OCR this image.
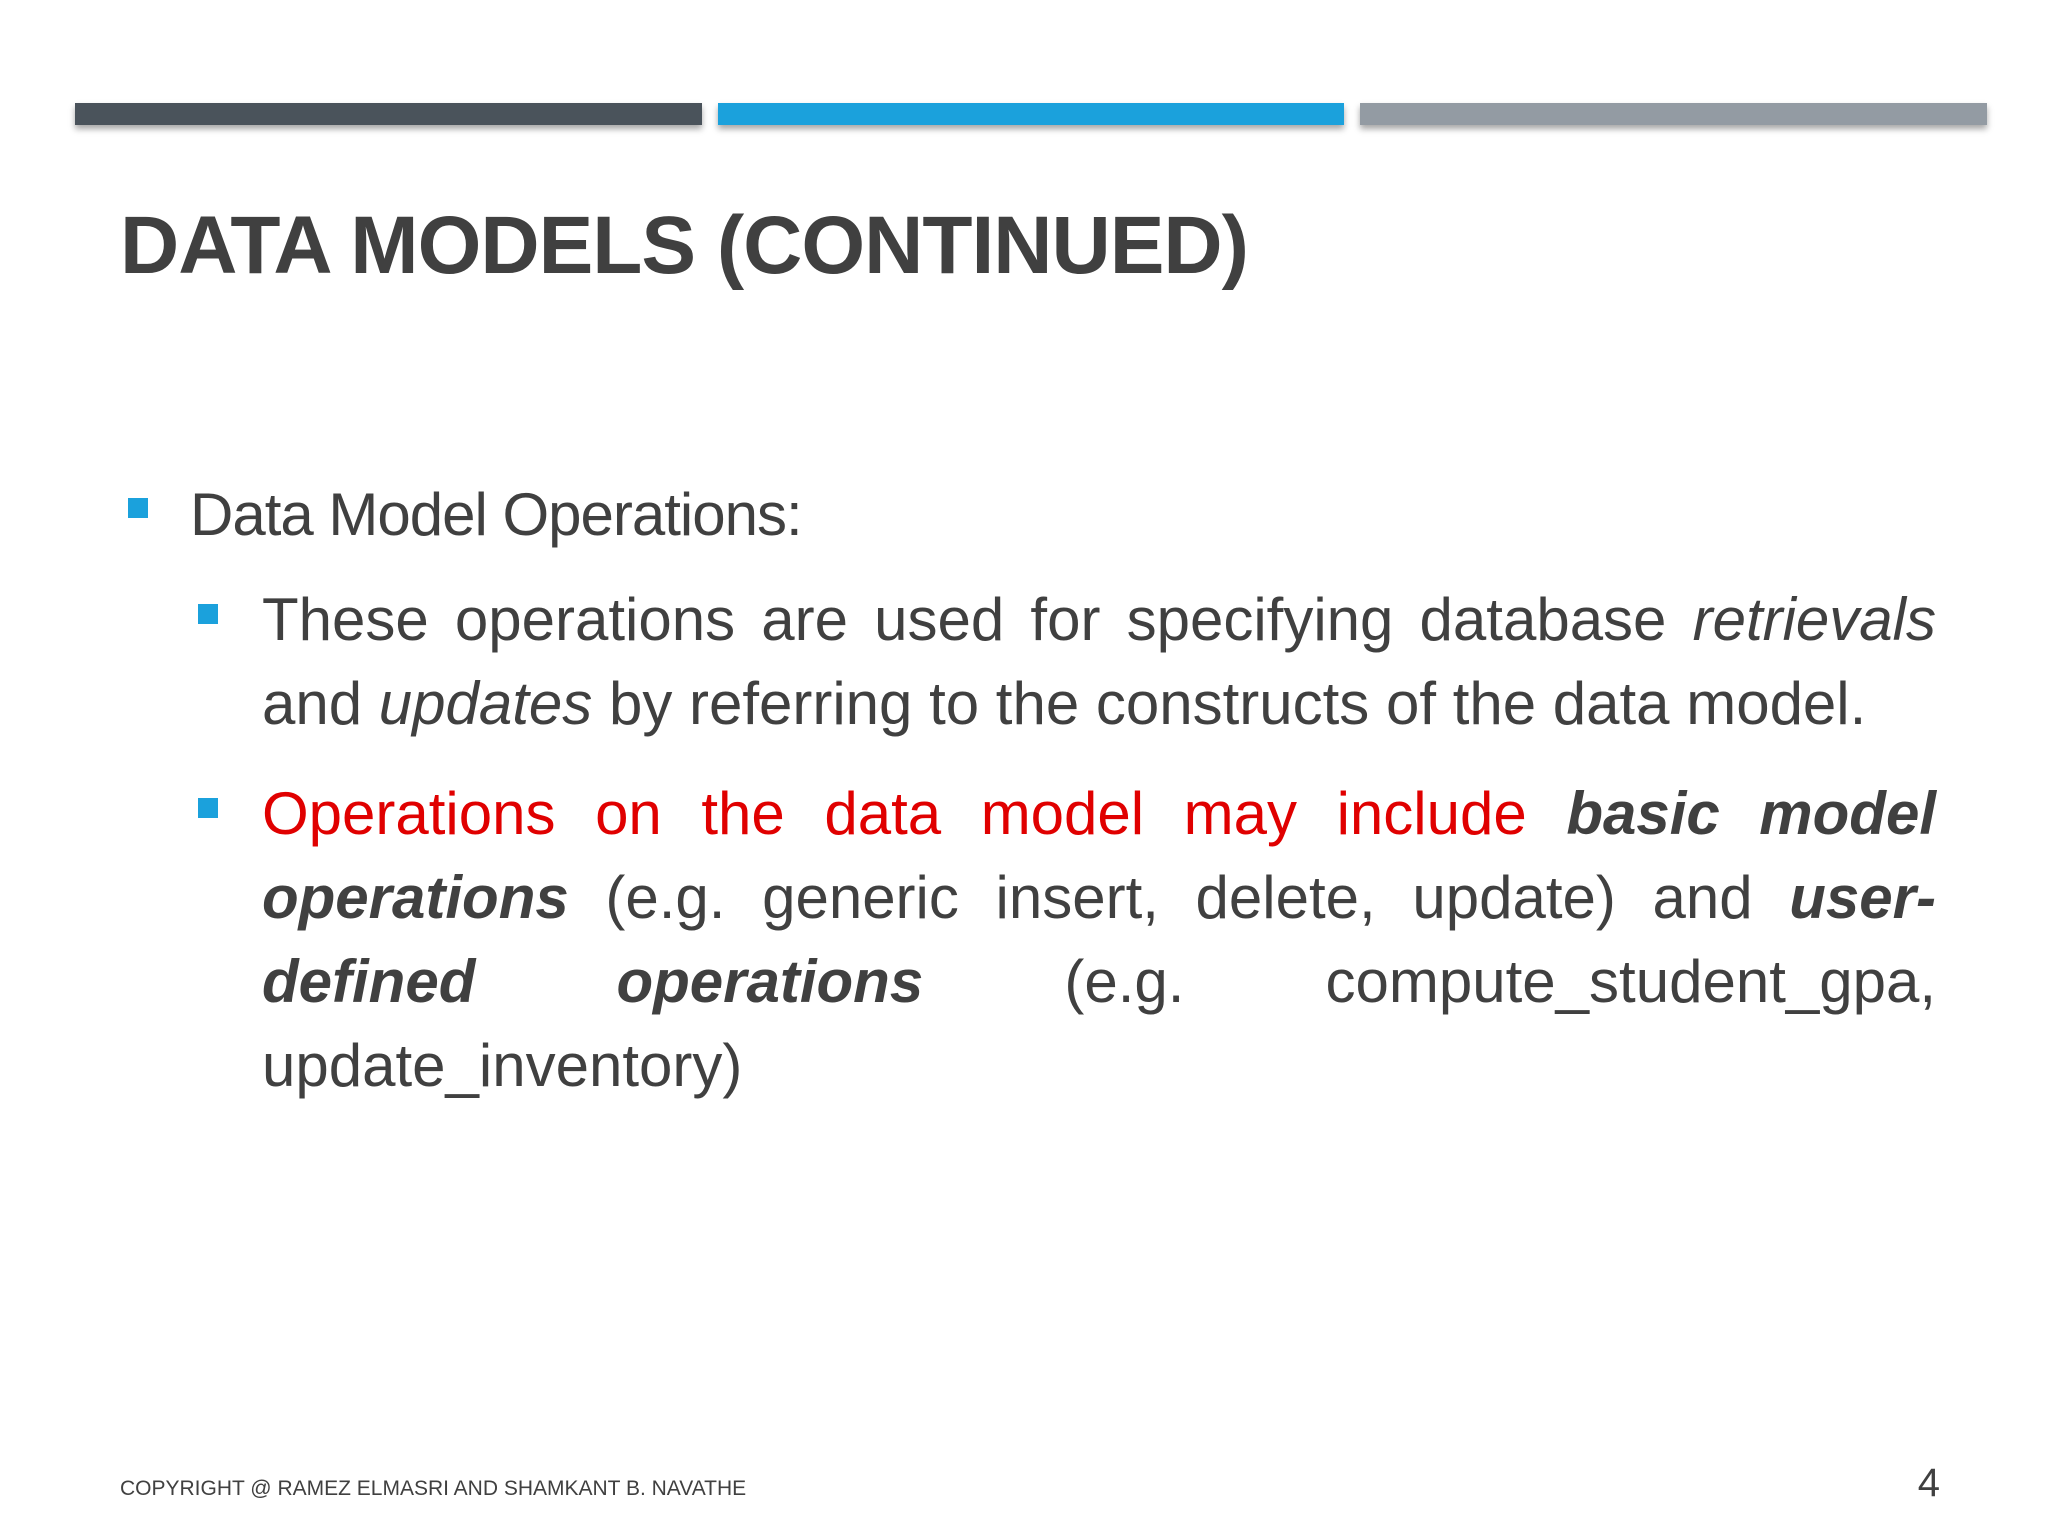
DATA MODELS (CONTINUED)
Data Model Operations:
These operations are used for specifying database retrievals and updates by referring to the constructs of the data model.
Operations on the data model may include basic model operations (e.g. generic insert, delete, update) and user-defined operations (e.g. compute_student_gpa, update_inventory)
COPYRIGHT @ RAMEZ ELMASRI AND SHAMKANT B. NAVATHE	4
